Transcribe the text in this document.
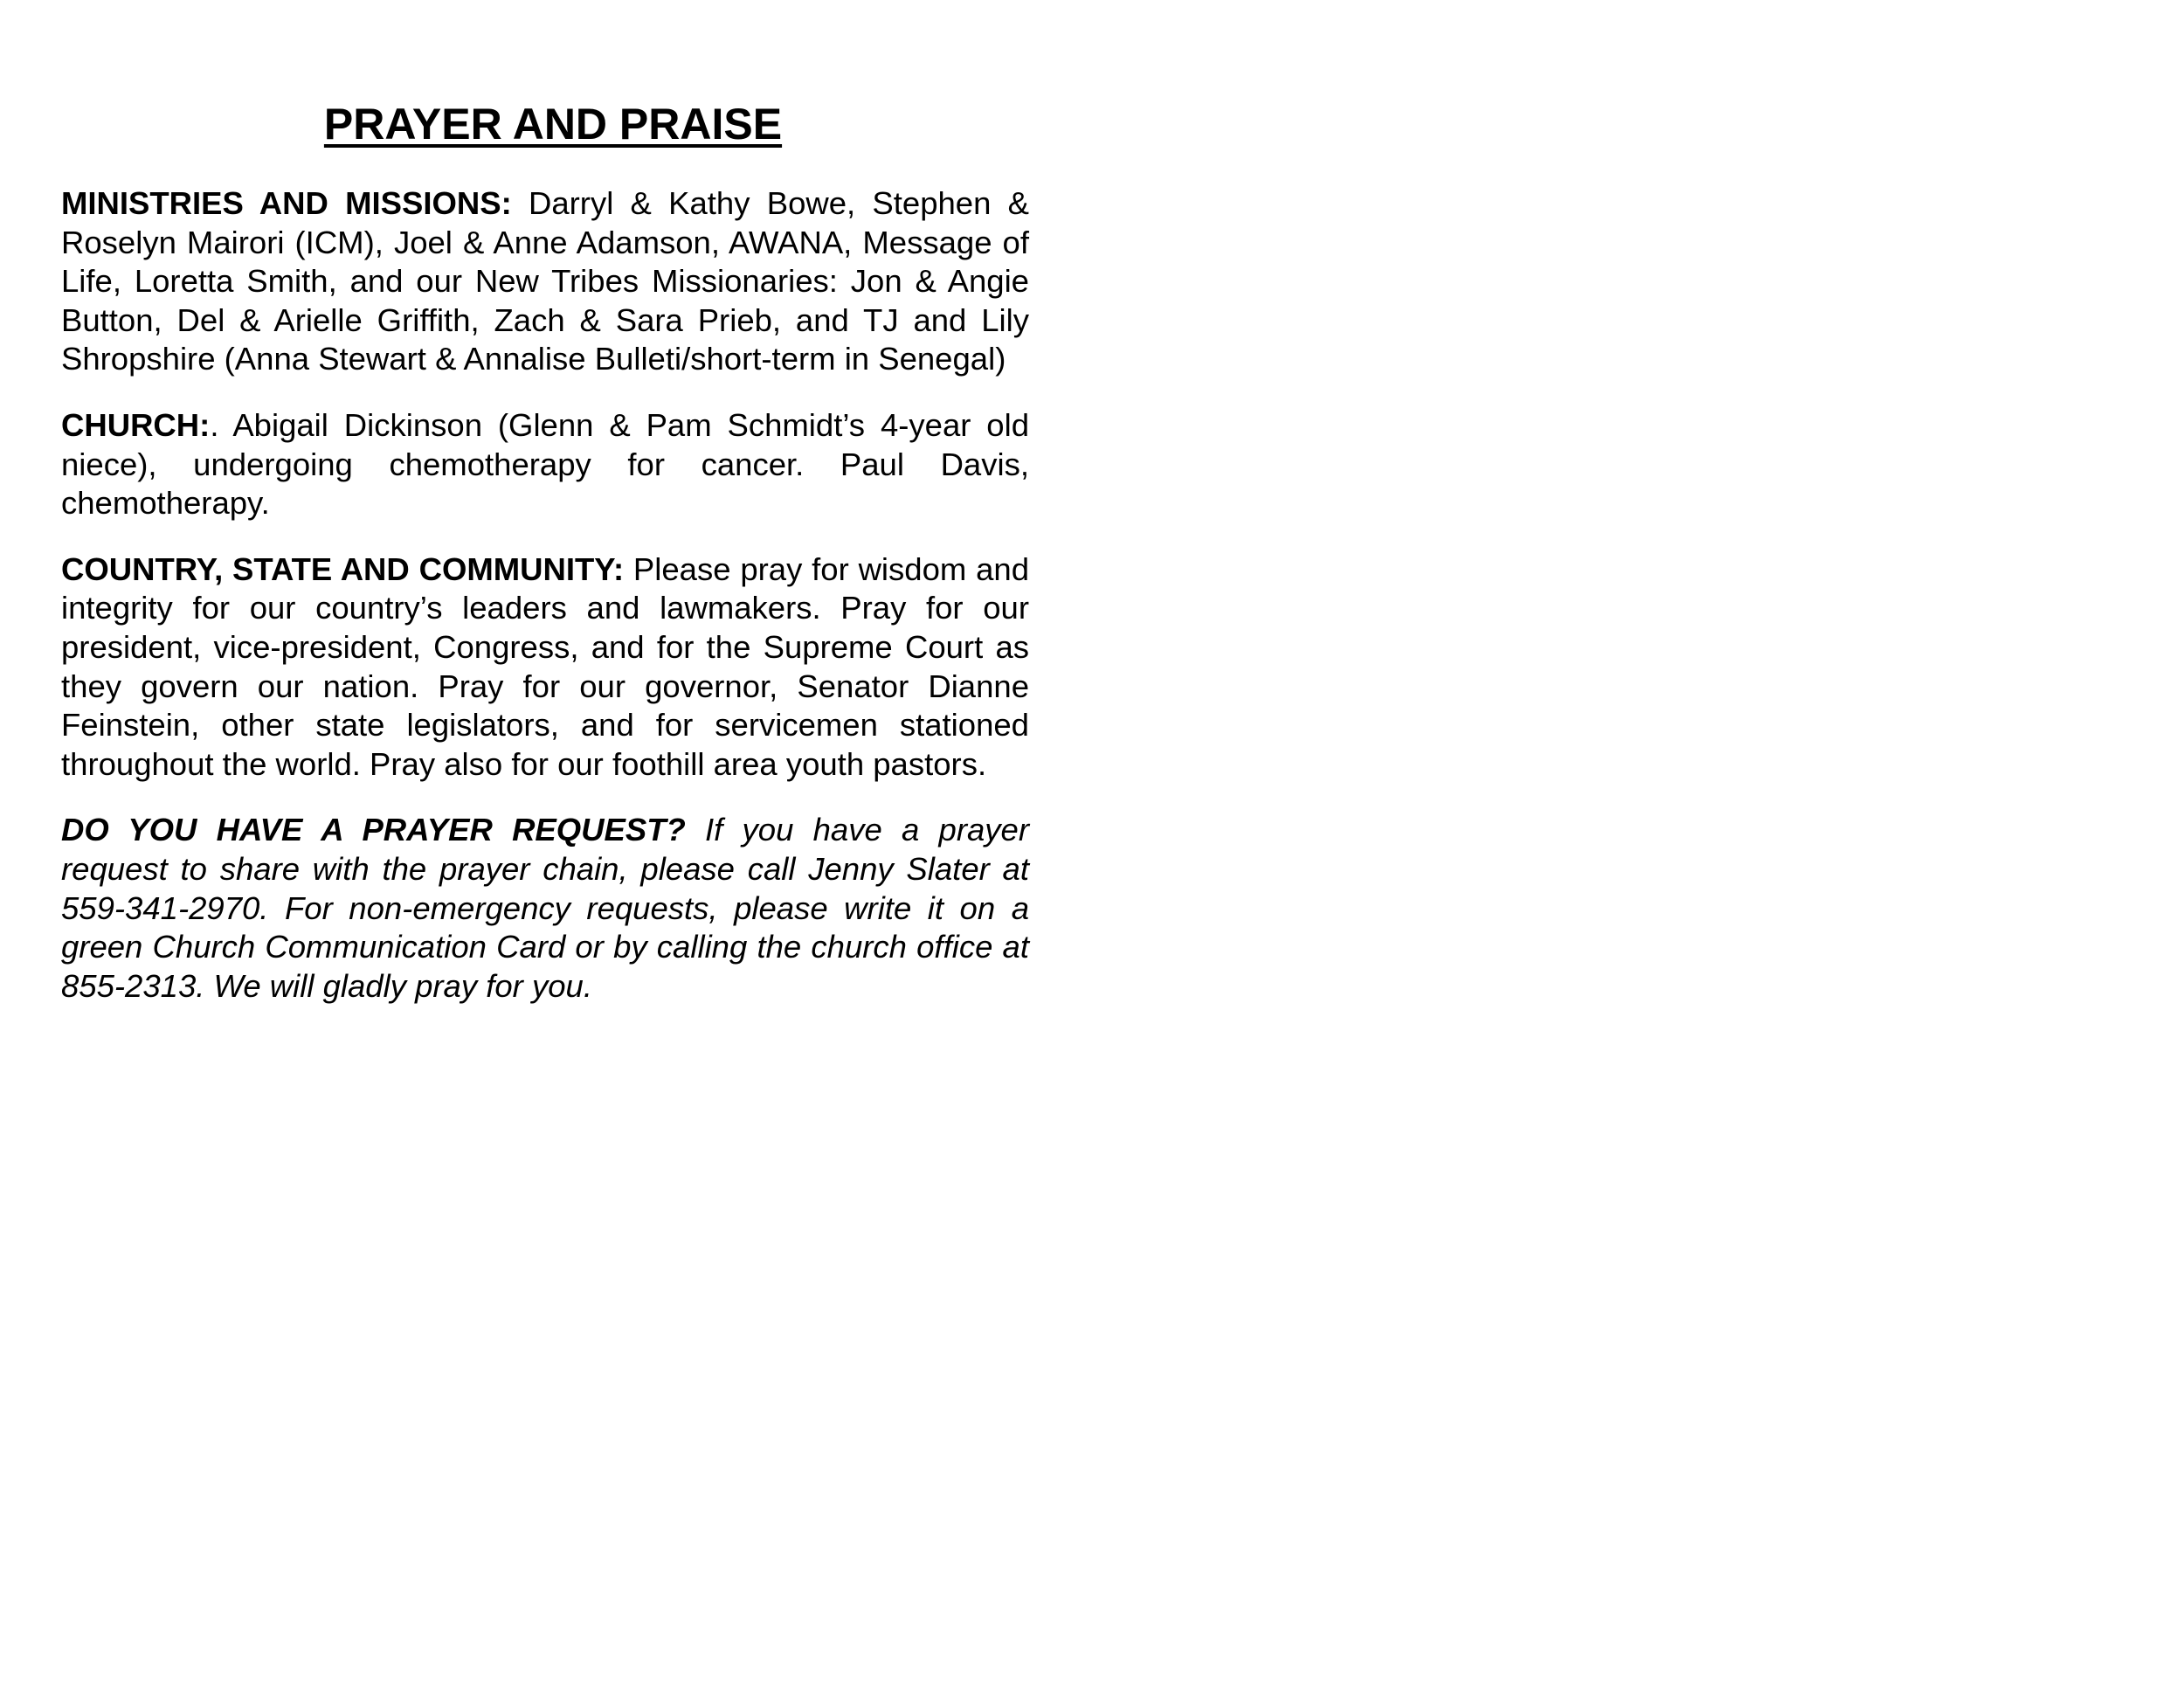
PRAYER AND PRAISE

MINISTRIES AND MISSIONS: Darryl & Kathy Bowe, Stephen & Roselyn Mairori (ICM), Joel & Anne Adamson, AWANA, Message of Life, Loretta Smith, and our New Tribes Missionaries: Jon & Angie Button, Del & Arielle Griffith, Zach & Sara Prieb, and TJ and Lily Shropshire (Anna Stewart & Annalise Bulleti/short-term in Senegal)

CHURCH:. Abigail Dickinson (Glenn & Pam Schmidt’s 4-year old niece), undergoing chemotherapy for cancer. Paul Davis, chemotherapy.

COUNTRY, STATE AND COMMUNITY: Please pray for wisdom and integrity for our country’s leaders and lawmakers. Pray for our president, vice-president, Congress, and for the Supreme Court as they govern our nation. Pray for our governor, Senator Dianne Feinstein, other state legislators, and for servicemen stationed throughout the world. Pray also for our foothill area youth pastors.

DO YOU HAVE A PRAYER REQUEST? If you have a prayer request to share with the prayer chain, please call Jenny Slater at 559-341-2970. For non-emergency requests, please write it on a green Church Communication Card or by calling the church office at 855-2313. We will gladly pray for you.
